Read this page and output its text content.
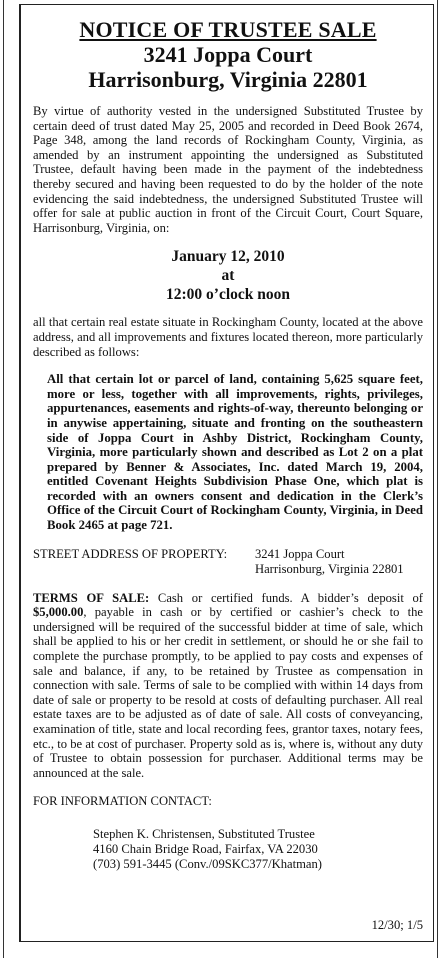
NOTICE OF TRUSTEE SALE
3241 Joppa Court
Harrisonburg, Virginia 22801

By virtue of authority vested in the undersigned Substituted Trustee by certain deed of trust dated May 25, 2005 and recorded in Deed Book 2674, Page 348, among the land records of Rockingham County, Virginia, as amended by an instrument appointing the undersigned as Substituted Trustee, default having been made in the payment of the indebtedness thereby secured and having been requested to do by the holder of the note evidencing the said indebtedness, the undersigned Substituted Trustee will offer for sale at public auction in front of the Circuit Court, Court Square, Harrisonburg, Virginia, on:

January 12, 2010
at
12:00 o’clock noon

all that certain real estate situate in Rockingham County, located at the above address, and all improvements and fixtures located thereon, more particularly described as follows:

All that certain lot or parcel of land, containing 5,625 square feet, more or less, together with all improvements, rights, privileges, appurtenances, easements and rights-of-way, thereunto belonging or in anywise appertaining, situate and fronting on the southeastern side of Joppa Court in Ashby District, Rockingham County, Virginia, more particularly shown and described as Lot 2 on a plat prepared by Benner & Associates, Inc. dated March 19, 2004, entitled Covenant Heights Subdivision Phase One, which plat is recorded with an owners consent and dedication in the Clerk’s Office of the Circuit Court of Rockingham County, Virginia, in Deed Book 2465 at page 721.

STREET ADDRESS OF PROPERTY:	3241 Joppa Court
Harrisonburg, Virginia 22801

TERMS OF SALE: Cash or certified funds. A bidder’s deposit of $5,000.00, payable in cash or by certified or cashier’s check to the undersigned will be required of the successful bidder at time of sale, which shall be applied to his or her credit in settlement, or should he or she fail to complete the purchase promptly, to be applied to pay costs and expenses of sale and balance, if any, to be retained by Trustee as compensation in connection with sale. Terms of sale to be complied with within 14 days from date of sale or property to be resold at costs of defaulting purchaser. All real estate taxes are to be adjusted as of date of sale. All costs of conveyancing, examination of title, state and local recording fees, grantor taxes, notary fees, etc., to be at cost of purchaser. Property sold as is, where is, without any duty of Trustee to obtain possession for purchaser. Additional terms may be announced at the sale.

FOR INFORMATION CONTACT:
Stephen K. Christensen, Substituted Trustee
4160 Chain Bridge Road, Fairfax, VA 22030
(703) 591-3445 (Conv./09SKC377/Khatman)
12/30; 1/5
